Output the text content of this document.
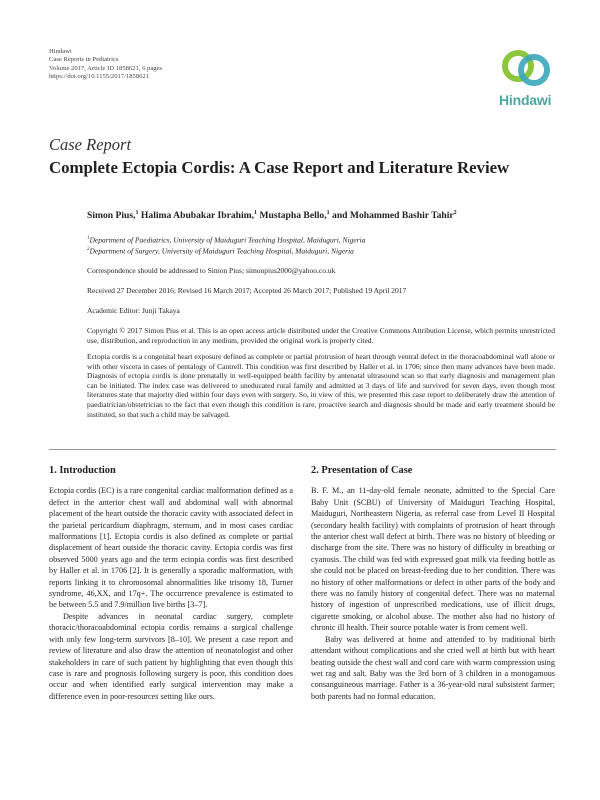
Hindawi
Case Reports in Pediatrics
Volume 2017, Article ID 1858621, 6 pages
https://doi.org/10.1155/2017/1858621
Hindawi
Case Report
Complete Ectopia Cordis: A Case Report and Literature Review
Simon Pius,$^1$ Halima Abubakar Ibrahim,$^1$ Mustapha Bello,$^1$ and Mohammed Bashir Tahir$^2$
$^1$Department of Paediatrics, University of Maiduguri Teaching Hospital, Maiduguri, Nigeria
$^2$Department of Surgery, University of Maiduguri Teaching Hospital, Maiduguri, Nigeria
Correspondence should be addressed to Simon Pius; simonpius2000@yahoo.co.uk
Received 27 December 2016; Revised 16 March 2017; Accepted 26 March 2017; Published 19 April 2017
Academic Editor: Junji Takaya
Copyright © 2017 Simon Pius et al. This is an open access article distributed under the Creative Commons Attribution License, which permits unrestricted use, distribution, and reproduction in any medium, provided the original work is properly cited.
Ectopia cordis is a congenital heart exposure defined as complete or partial protrusion of heart through ventral defect in the thoracoabdominal wall alone or with other viscera in cases of pentalogy of Cantrell. This condition was first described by Haller et al. in 1706; since then many advances have been made. Diagnosis of ectopia cordis is done prenatally in well-equipped health facility by antenatal ultrasound scan so that early diagnosis and management plan can be initiated. The index case was delivered to uneducated rural family and admitted at 3 days of life and survived for seven days, even though most literatures state that majority died within four days even with surgery. So, in view of this, we presented this case report to deliberately draw the attention of paediatrician/obstetrician to the fact that even though this condition is rare, proactive search and diagnosis should be made and early treatment should be instituted, so that such a child may be salvaged.
1. Introduction

Ectopia cordis (EC) is a rare congenital cardiac malformation defined as a defect in the anterior chest wall and abdominal wall with abnormal placement of the heart outside the thoracic cavity with associated defect in the parietal pericardium diaphragm, sternum, and in most cases cardiac malformations [1]. Ectopia cordis is also defined as complete or partial displacement of heart outside the thoracic cavity. Ectopia cordis was first observed 5000 years ago and the term ectopia cordis was first described by Haller et al. in 1706 [2]. It is generally a sporadic malformation, with reports linking it to chromosomal abnormalities like trisomy 18, Turner syndrome, 46,XX, and 17q+. The occurrence prevalence is estimated to be between 5.5 and 7.9/million live births [3–7].

Despite advances in neonatal cardiac surgery, complete thoracic/thoracoabdominal ectopia cordis remains a surgical challenge with only few long-term survivors [8–10]. We present a case report and review of literature and also draw the attention of neonatologist and other stakeholders in care of such patient by highlighting that even though this case is rare and prognosis following surgery is poor, this condition does occur and when identified early surgical intervention may make a difference even in poor-resources setting like ours.

2. Presentation of Case

B. F. M., an 11-day-old female neonate, admitted to the Special Care Baby Unit (SCBU) of University of Maiduguri Teaching Hospital, Maiduguri, Northeastern Nigeria, as referral case from Level II Hospital (secondary health facility) with complaints of protrusion of heart through the anterior chest wall defect at birth. There was no history of bleeding or discharge from the site. There was no history of difficulty in breathing or cyanosis. The child was fed with expressed goat milk via feeding bottle as she could not be placed on breast-feeding due to her condition. There was no history of other malformations or defect in other parts of the body and there was no family history of congenital defect. There was no maternal history of ingestion of unprescribed medications, use of illicit drugs, cigarette smoking, or alcohol abuse. The mother also had no history of chronic ill health. Their source potable water is from cement well.

Baby was delivered at home and attended to by traditional birth attendant without complications and she cried well at birth but with heart beating outside the chest wall and cord care with warm compression using wet rag and salt. Baby was the 3rd born of 3 children in a monogamous consanguineous marriage. Father is a 36-year-old rural subsistent farmer; both parents had no formal education.
